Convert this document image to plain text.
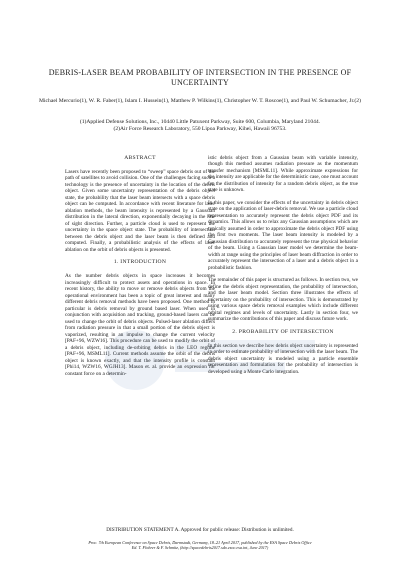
DEBRIS-LASER BEAM PROBABILITY OF INTERSECTION IN THE PRESENCE OF UNCERTAINTY
Michael Mercurio(1), W. R. Faber(1), Islam I. Hussein(1), Matthew P. Wilkins(1), Christopher W. T. Roscoe(1), and Paul W. Schumacher, Jr.(2)
(1)Applied Defense Solutions, Inc., 10440 Little Patuxent Parkway, Suite 600, Columbia, Maryland 21044.
(2)Air Force Research Laboratory, 550 Lipoa Parkway, Kihei, Hawaii 96753.
ABSTRACT

Lasers have recently been proposed to “sweep” space debris out of the path of satellites to avoid collision. One of the challenges facing such a technology is the presence of uncertainty in the location of the debris object. Given some uncertainty representation of the debris object state, the probability that the laser beam intersects with a space debris object can be computed. In accordance with recent literature for laser ablation methods, the beam intensity is represented by a Gaussian distribution in the lateral direction, exponentially decaying in the line of sight direction. Further, a particle cloud is used to represent the uncertainty in the space object state. The probability of intersection between the debris object and the laser beam is then defined and computed. Finally, a probabilistic analysis of the effects of laser ablation on the orbit of debris objects is presented.

1. INTRODUCTION

As the number debris objects in space increases it becomes increasingly difficult to protect assets and operations in space. In recent history, the ability to move or remove debris objects from the operational environment has been a topic of great interest and many different debris removal methods have been proposed. One method in particular is debris removal by ground based laser. When used in conjunction with acquisition and tracking, ground-based lasers can be used to change the orbit of debris objects. Pulsed-laser ablation differs from radiation pressure in that a small portion of the debris object is vaporized, resulting in an impulse to change the current velocity [PAF+96, WZW16]. This procedure can be used to modify the orbit of a debris object, including de-orbiting debris in the LEO regime [PAF+96, MSML11]. Current methods assume the orbit of the debris object is known exactly, and that the intensity profile is constant [Phi14, WZW16, WGJH13]. Mason et. al. provide an expression for constant force on a determin-

istic debris object from a Gaussian beam with variable intensity, though this method assumes radiation pressure as the momentum transfer mechanism [MSML11]. While approximate expressions for the intensity are applicable for the deterministic case, one must account for the distribution of intensity for a random debris object, as the true state is unknown.

In this paper, we consider the effects of the uncertainty in debris object state on the application of laser-debris removal. We use a particle cloud representation to accurately represent the debris object PDF and its dynamics. This allows us to relax any Gaussian assumptions which are typically assumed in order to approximate the debris object PDF using the first two moments. The laser beam intensity is modeled by a Gaussian distribution to accurately represent the true physical behavior of the beam. Using a Gaussian laser model we determine the beam-width at range using the principles of laser beam diffraction in order to accurately represent the intersection of a laser and a debris object in a probabilistic fashion.

The remainder of this paper is structured as follows. In section two, we define the debris object representation, the probability of intersection, and the laser beam model. Section three illustrates the effects of uncertainty on the probability of intersection. This is demonstrated by using various space debris removal examples which include different orbital regimes and levels of uncertainty. Lastly in section four, we summarize the contributions of this paper and discuss future work.

2. PROBABILITY OF INTERSECTION

In this section we describe how debris object uncertainty is represented in order to estimate probability of intersection with the laser beam. The debris object uncertainty is modeled using a particle ensemble representation and formulation for the probability of intersection is developed using a Monte Carlo integration.

DISTRIBUTION STATEMENT A. Approved for public release: Distribution is unlimited.
Proc. 7th European Conference on Space Debris, Darmstadt, Germany, 18–21 April 2017, published by the ESA Space Debris Office
Ed. T. Flohrer & F. Schmitz, (http://spacedebris2017.sdo.esoc.esa.int, June 2017)
